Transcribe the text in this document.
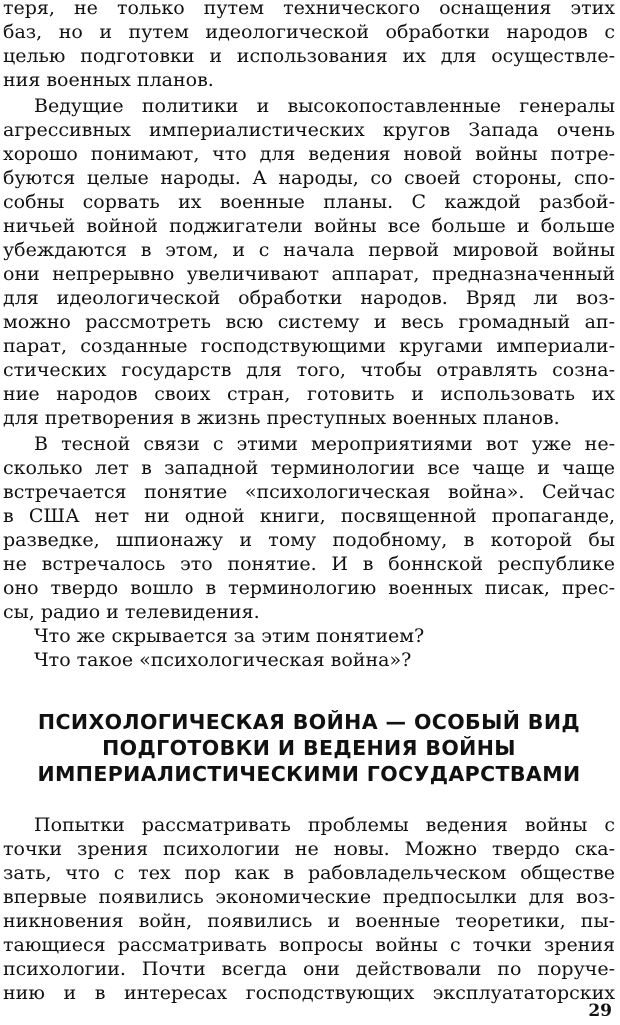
теря, не только путем технического оснащения этих
баз, но и путем идеологической обработки народов с
целью подготовки и использования их для осуществле-
ния военных планов.
Ведущие политики и высокопоставленные генералы
агрессивных империалистических кругов Запада очень
хорошо понимают, что для ведения новой войны потре-
буются целые народы. А народы, со своей стороны, спо-
собны сорвать их военные планы. С каждой разбой-
ничьей войной поджигатели войны все больше и больше
убеждаются в этом, и с начала первой мировой войны
они непрерывно увеличивают аппарат, предназначенный
для идеологической обработки народов. Вряд ли воз-
можно рассмотреть всю систему и весь громадный ап-
парат, созданные господствующими кругами империали-
стических государств для того, чтобы отравлять созна-
ние народов своих стран, готовить и использовать их
для претворения в жизнь преступных военных планов.
В тесной связи с этими мероприятиями вот уже не-
сколько лет в западной терминологии все чаще и чаще
встречается понятие «психологическая война». Сейчас
в США нет ни одной книги, посвященной пропаганде,
разведке, шпионажу и тому подобному, в которой бы
не встречалось это понятие. И в боннской республике
оно твердо вошло в терминологию военных писак, прес-
сы, радио и телевидения.
Что же скрывается за этим понятием?
Что такое «психологическая война»?
ПСИХОЛОГИЧЕСКАЯ ВОЙНА — ОСОБЫЙ ВИД
ПОДГОТОВКИ И ВЕДЕНИЯ ВОЙНЫ
ИМПЕРИАЛИСТИЧЕСКИМИ ГОСУДАРСТВАМИ
Попытки рассматривать проблемы ведения войны с
точки зрения психологии не новы. Можно твердо ска-
зать, что с тех пор как в рабовладельческом обществе
впервые появились экономические предпосылки для воз-
никновения войн, появились и военные теоретики, пы-
тающиеся рассматривать вопросы войны с точки зрения
психологии. Почти всегда они действовали по поруче-
нию и в интересах господствующих эксплуататорских
29
